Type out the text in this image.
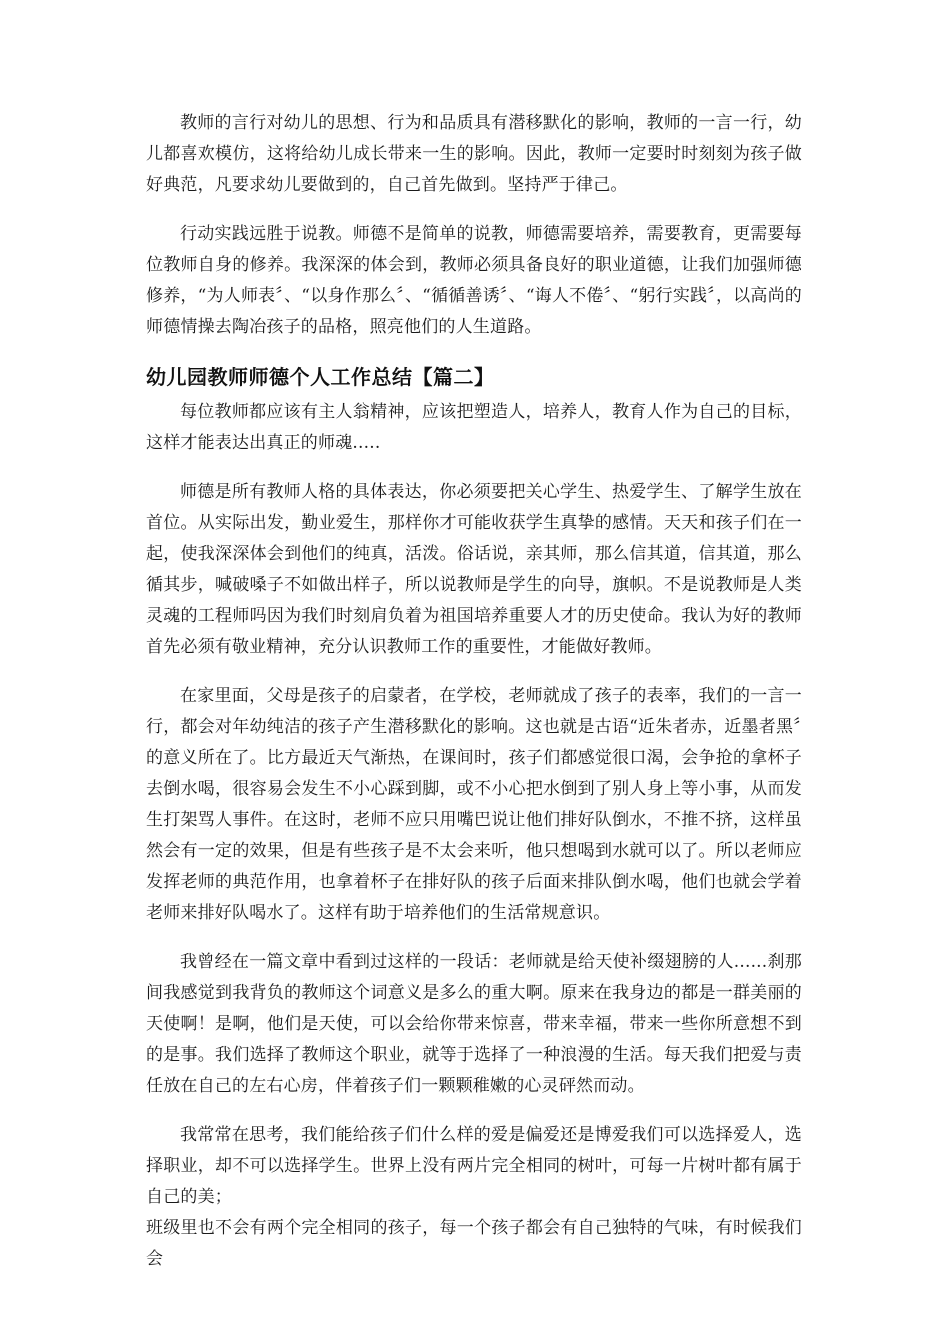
教师的言行对幼儿的思想、行为和品质具有潜移默化的影响，教师的一言一行，幼儿都喜欢模仿，这将给幼儿成长带来一生的影响。因此，教师一定要时时刻刻为孩子做好典范，凡要求幼儿要做到的，自己首先做到。坚持严于律己。

行动实践远胜于说教。师德不是简单的说教，师德需要培养，需要教育，更需要每位教师自身的修养。我深深的体会到，教师必须具备良好的职业道德，让我们加强师德修养，“为人师表〞、“以身作那么〞、“循循善诱〞、“诲人不倦〞、“躬行实践〞，以高尚的师德情操去陶冶孩子的品格，照亮他们的人生道路。

幼儿园教师师德个人工作总结【篇二】

每位教师都应该有主人翁精神，应该把塑造人，培养人，教育人作为自己的目标，这样才能表达出真正的师魂.....

师德是所有教师人格的具体表达，你必须要把关心学生、热爱学生、了解学生放在首位。从实际出发，勤业爱生，那样你才可能收获学生真挚的感情。天天和孩子们在一起，使我深深体会到他们的纯真，活泼。俗话说，亲其师，那么信其道，信其道，那么循其步，喊破嗓子不如做出样子，所以说教师是学生的向导，旗帜。不是说教师是人类灵魂的工程师吗因为我们时刻肩负着为祖国培养重要人才的历史使命。我认为好的教师首先必须有敬业精神，充分认识教师工作的重要性，才能做好教师。

在家里面，父母是孩子的启蒙者，在学校，老师就成了孩子的表率，我们的一言一行，都会对年幼纯洁的孩子产生潜移默化的影响。这也就是古语“近朱者赤，近墨者黑〞的意义所在了。比方最近天气渐热，在课间时，孩子们都感觉很口渴，会争抢的拿杯子去倒水喝，很容易会发生不小心踩到脚，或不小心把水倒到了别人身上等小事，从而发生打架骂人事件。在这时，老师不应只用嘴巴说让他们排好队倒水，不推不挤，这样虽然会有一定的效果，但是有些孩子是不太会来听，他只想喝到水就可以了。所以老师应发挥老师的典范作用，也拿着杯子在排好队的孩子后面来排队倒水喝，他们也就会学着老师来排好队喝水了。这样有助于培养他们的生活常规意识。

我曾经在一篇文章中看到过这样的一段话：老师就是给天使补缀翅膀的人......刹那间我感觉到我背负的教师这个词意义是多么的重大啊。原来在我身边的都是一群美丽的天使啊！是啊，他们是天使，可以会给你带来惊喜，带来幸福，带来一些你所意想不到的是事。我们选择了教师这个职业，就等于选择了一种浪漫的生活。每天我们把爱与责任放在自己的左右心房，伴着孩子们一颗颗稚嫩的心灵砰然而动。

我常常在思考，我们能给孩子们什么样的爱是偏爱还是博爱我们可以选择爱人，选择职业，却不可以选择学生。世界上没有两片完全相同的树叶，可每一片树叶都有属于自己的美；

班级里也不会有两个完全相同的孩子，每一个孩子都会有自己独特的气味，有时候我们会
